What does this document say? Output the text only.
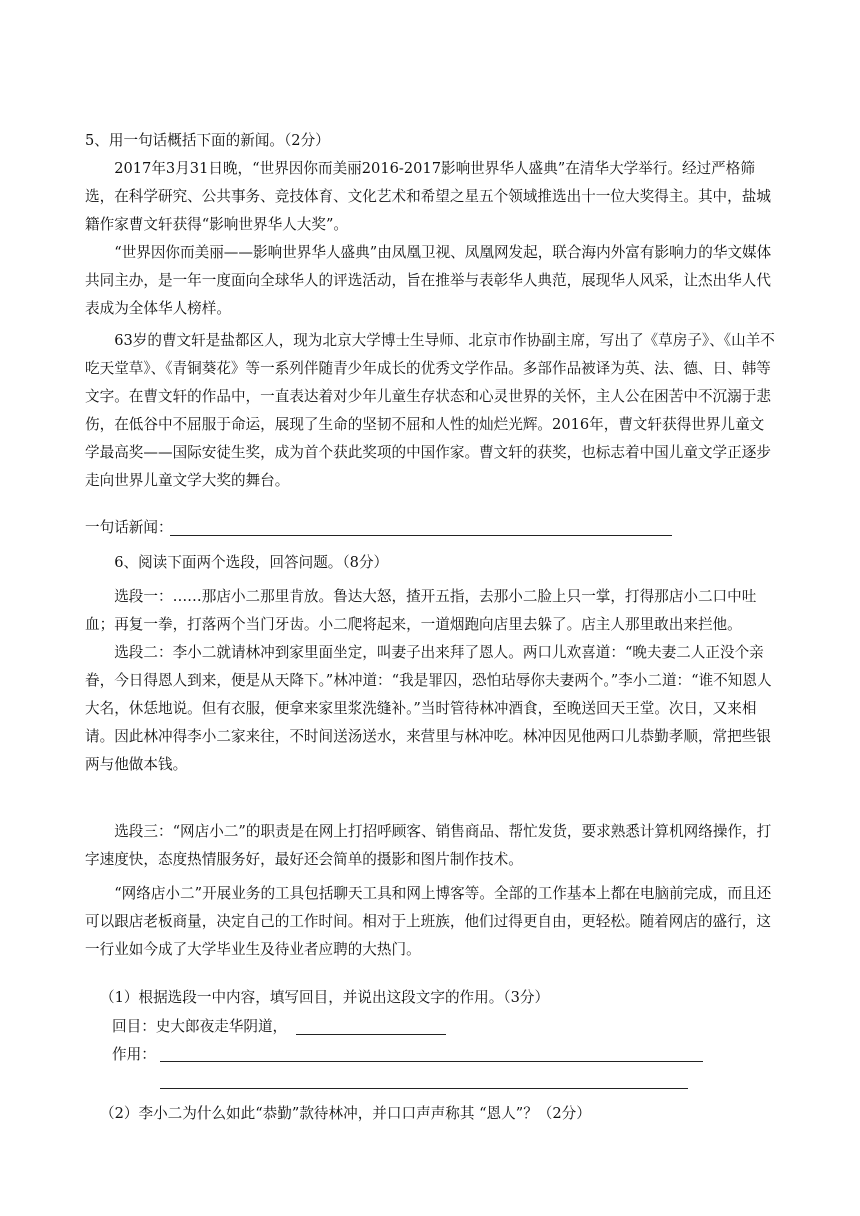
5、用一句话概括下面的新闻。（2分）

2017年3月31日晚，“世界因你而美丽2016-2017影响世界华人盛典”在清华大学举行。经过严格筛选，在科学研究、公共事务、竞技体育、文化艺术和希望之星五个领域推选出十一位大奖得主。其中，盐城籍作家曹文轩获得“影响世界华人大奖”。

“世界因你而美丽——影响世界华人盛典”由凤凰卫视、凤凰网发起，联合海内外富有影响力的华文媒体共同主办，是一年一度面向全球华人的评选活动，旨在推举与表彰华人典范，展现华人风采，让杰出华人代表成为全体华人榜样。

63岁的曹文轩是盐都区人，现为北京大学博士生导师、北京市作协副主席，写出了《草房子》、《山羊不吃天堂草》、《青铜葵花》等一系列伴随青少年成长的优秀文学作品。多部作品被译为英、法、德、日、韩等文字。在曹文轩的作品中，一直表达着对少年儿童生存状态和心灵世界的关怀，主人公在困苦中不沉溺于悲伤，在低谷中不屈服于命运，展现了生命的坚韧不屈和人性的灿烂光辉。2016年，曹文轩获得世界儿童文学最高奖——国际安徒生奖，成为首个获此奖项的中国作家。曹文轩的获奖，也标志着中国儿童文学正逐步走向世界儿童文学大奖的舞台。

一句话新闻：

6、阅读下面两个选段，回答问题。（8分）

选段一：……那店小二那里肯放。鲁达大怒，揸开五指，去那小二脸上只一掌，打得那店小二口中吐血；再复一拳，打落两个当门牙齿。小二爬将起来，一道烟跑向店里去躲了。店主人那里敢出来拦他。

选段二：李小二就请林冲到家里面坐定，叫妻子出来拜了恩人。两口儿欢喜道：“晚夫妻二人正没个亲眷，今日得恩人到来，便是从天降下。”林冲道：“我是罪囚，恐怕玷辱你夫妻两个。”李小二道：“谁不知恩人大名，休恁地说。但有衣服，便拿来家里浆洗缝补。”当时管待林冲酒食，至晚送回天王堂。次日，又来相请。因此林冲得李小二家来往，不时间送汤送水，来营里与林冲吃。林冲因见他两口儿恭勤孝顺，常把些银两与他做本钱。

选段三：“网店小二”的职责是在网上打招呼顾客、销售商品、帮忙发货，要求熟悉计算机网络操作，打字速度快，态度热情服务好，最好还会简单的摄影和图片制作技术。

“网络店小二”开展业务的工具包括聊天工具和网上博客等。全部的工作基本上都在电脑前完成，而且还可以跟店老板商量，决定自己的工作时间。相对于上班族，他们过得更自由，更轻松。随着网店的盛行，这一行业如今成了大学毕业生及待业者应聘的大热门。

（1）根据选段一中内容，填写回目，并说出这段文字的作用。（3分）
回目：史大郎夜走华阴道，
作用：
（2）李小二为什么如此“恭勤”款待林冲，并口口声声称其 “恩人”？（2分）
